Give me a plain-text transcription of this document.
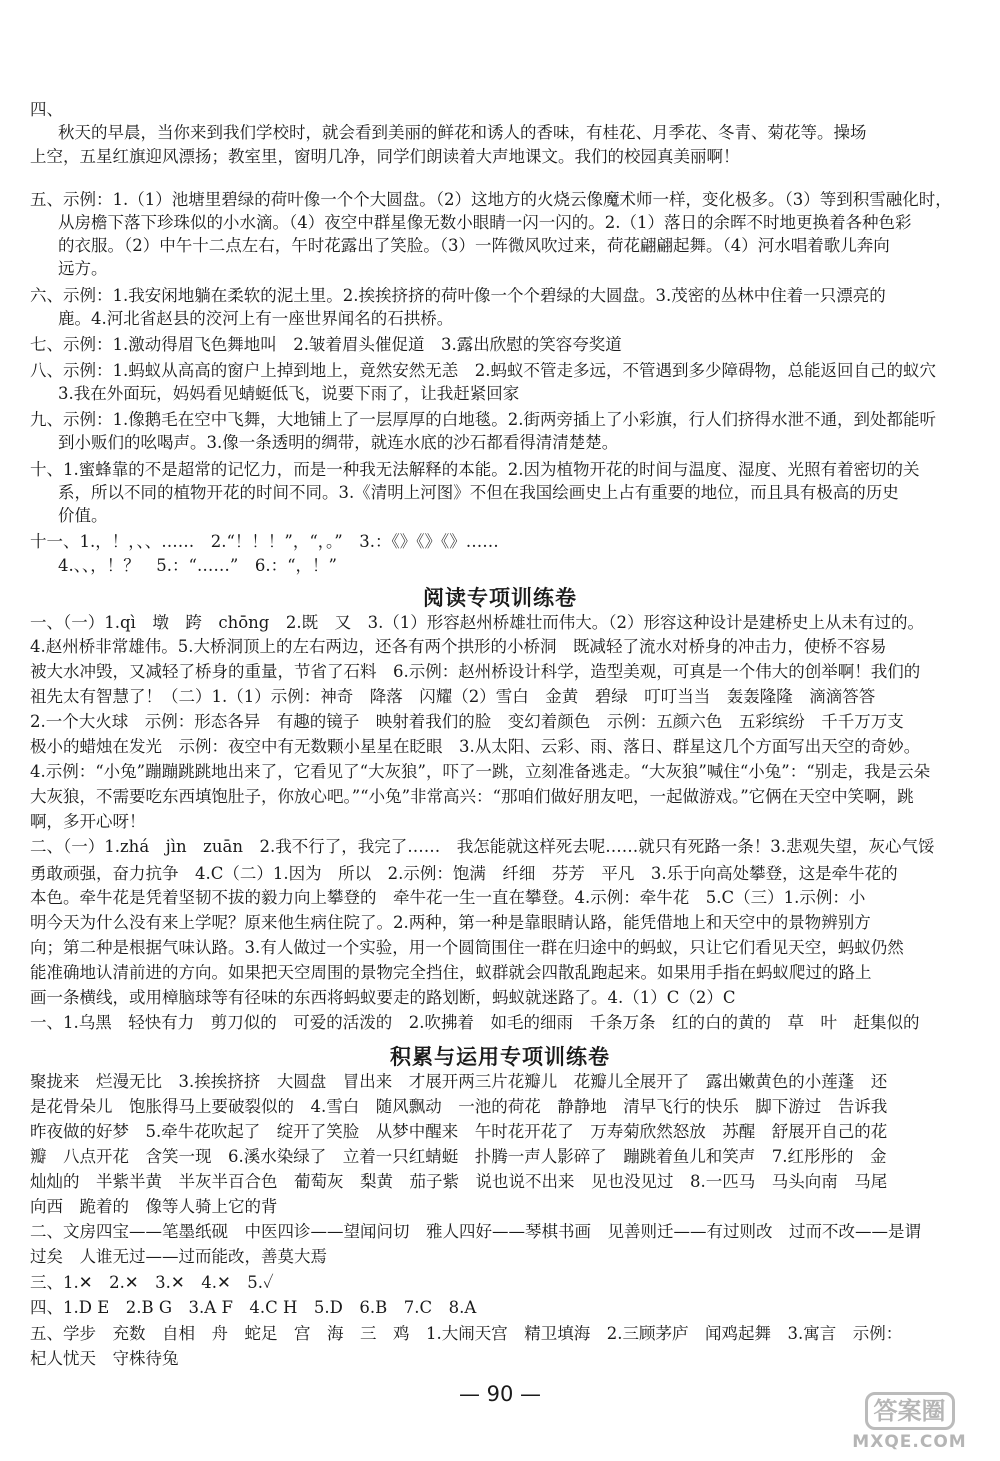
四、
秋天的早晨，当你来到我们学校时，就会看到美丽的鲜花和诱人的香味，有桂花、月季花、冬青、菊花等。操场
上空，五星红旗迎风漂扬；教室里，窗明几净，同学们朗读着大声地课文。我们的校园真美丽啊！
五、示例：1.（1）池塘里碧绿的荷叶像一个个大圆盘。（2）这地方的火烧云像魔术师一样，变化极多。（3）等到积雪融化时，
从房檐下落下珍珠似的小水滴。（4）夜空中群星像无数小眼睛一闪一闪的。2.（1）落日的余晖不时地更换着各种色彩
的衣服。（2）中午十二点左右，午时花露出了笑脸。（3）一阵微风吹过来，荷花翩翩起舞。（4）河水唱着歌儿奔向
远方。
六、示例：1.我安闲地躺在柔软的泥土里。2.挨挨挤挤的荷叶像一个个碧绿的大圆盘。3.茂密的丛林中住着一只漂亮的
鹿。4.河北省赵县的洨河上有一座世界闻名的石拱桥。
七、示例：1.激动得眉飞色舞地叫　2.皱着眉头催促道　3.露出欣慰的笑容夸奖道
八、示例：1.蚂蚁从高高的窗户上掉到地上，竟然安然无恙　2.蚂蚁不管走多远，不管遇到多少障碍物，总能返回自己的蚁穴
3.我在外面玩，妈妈看见蜻蜓低飞，说要下雨了，让我赶紧回家
九、示例：1.像鹅毛在空中飞舞，大地铺上了一层厚厚的白地毯。2.街两旁插上了小彩旗，行人们挤得水泄不通，到处都能听
到小贩们的吆喝声。3.像一条透明的绸带，就连水底的沙石都看得清清楚楚。
十、1.蜜蜂靠的不是超常的记忆力，而是一种我无法解释的本能。2.因为植物开花的时间与温度、湿度、光照有着密切的关
系，所以不同的植物开花的时间不同。3.《清明上河图》不但在我国绘画史上占有重要的地位，而且具有极高的历史
价值。
十一、1.，！，、、……　2.“！！！”，“，。”　3.：《》《》《》……
4.、、，！？　5.：“……”　6.：“，！”
阅读专项训练卷
一、（一）1.qì　墩　跨　chōng　2.既　又　3.（1）形容赵州桥雄壮而伟大。（2）形容这种设计是建桥史上从未有过的。
4.赵州桥非常雄伟。5.大桥洞顶上的左右两边，还各有两个拱形的小桥洞　既减轻了流水对桥身的冲击力，使桥不容易
被大水冲毁，又减轻了桥身的重量，节省了石料　6.示例：赵州桥设计科学，造型美观，可真是一个伟大的创举啊！我们的
祖先太有智慧了！（二）1.（1）示例：神奇　降落　闪耀（2）雪白　金黄　碧绿　叮叮当当　轰轰隆隆　滴滴答答
2.一个大火球　示例：形态各异　有趣的镜子　映射着我们的脸　变幻着颜色　示例：五颜六色　五彩缤纷　千千万万支
极小的蜡烛在发光　示例：夜空中有无数颗小星星在眨眼　3.从太阳、云彩、雨、落日、群星这几个方面写出天空的奇妙。
4.示例：“小兔”蹦蹦跳跳地出来了，它看见了“大灰狼”，吓了一跳，立刻准备逃走。“大灰狼”喊住“小兔”：“别走，我是云朵
大灰狼，不需要吃东西填饱肚子，你放心吧。”“小兔”非常高兴：“那咱们做好朋友吧，一起做游戏。”它俩在天空中笑啊，跳
啊，多开心呀！
二、（一）1.zhá　jìn　zuān　2.我不行了，我完了……　我怎能就这样死去呢……就只有死路一条！3.悲观失望，灰心气馁
勇敢顽强，奋力抗争　4.C（二）1.因为　所以　2.示例：饱满　纤细　芬芳　平凡　3.乐于向高处攀登，这是牵牛花的
本色。牵牛花是凭着坚韧不拔的毅力向上攀登的　牵牛花一生一直在攀登。4.示例：牵牛花　5.C（三）1.示例：小
明今天为什么没有来上学呢？原来他生病住院了。2.两种，第一种是靠眼睛认路，能凭借地上和天空中的景物辨别方
向；第二种是根据气味认路。3.有人做过一个实验，用一个圆筒围住一群在归途中的蚂蚁，只让它们看见天空，蚂蚁仍然
能准确地认清前进的方向。如果把天空周围的景物完全挡住，蚁群就会四散乱跑起来。如果用手指在蚂蚁爬过的路上
画一条横线，或用樟脑球等有径味的东西将蚂蚁要走的路划断，蚂蚁就迷路了。4.（1）C（2）C
一、1.乌黑　轻快有力　剪刀似的　可爱的活泼的　2.吹拂着　如毛的细雨　千条万条　红的白的黄的　草　叶　赶集似的
积累与运用专项训练卷
聚拢来　烂漫无比　3.挨挨挤挤　大圆盘　冒出来　才展开两三片花瓣儿　花瓣儿全展开了　露出嫩黄色的小莲蓬　还
是花骨朵儿　饱胀得马上要破裂似的　4.雪白　随风飘动　一池的荷花　静静地　清早飞行的快乐　脚下游过　告诉我
昨夜做的好梦　5.牵牛花吹起了　绽开了笑脸　从梦中醒来　午时花开花了　万寿菊欣然怒放　苏醒　舒展开自己的花
瓣　八点开花　含笑一现　6.溪水染绿了　立着一只红蜻蜓　扑腾一声人影碎了　蹦跳着鱼儿和笑声　7.红彤彤的　金
灿灿的　半紫半黄　半灰半百合色　葡萄灰　梨黄　茄子紫　说也说不出来　见也没见过　8.一匹马　马头向南　马尾
向西　跪着的　像等人骑上它的背
二、文房四宝——笔墨纸砚　中医四诊——望闻问切　雅人四好——琴棋书画　见善则迁——有过则改　过而不改——是谓
过矣　人谁无过——过而能改，善莫大焉
三、1.✕　2.✕　3.✕　4.✕　5.✓
四、1.D E　2.B G　3.A F　4.C H　5.D　6.B　7.C　8.A
五、学步　充数　自相　舟　蛇足　宫　海　三　鸡　1.大闹天宫　精卫填海　2.三顾茅庐　闻鸡起舞　3.寓言　示例：
杞人忧天　守株待兔
— 90 —
答案圈
MXQE.COM
